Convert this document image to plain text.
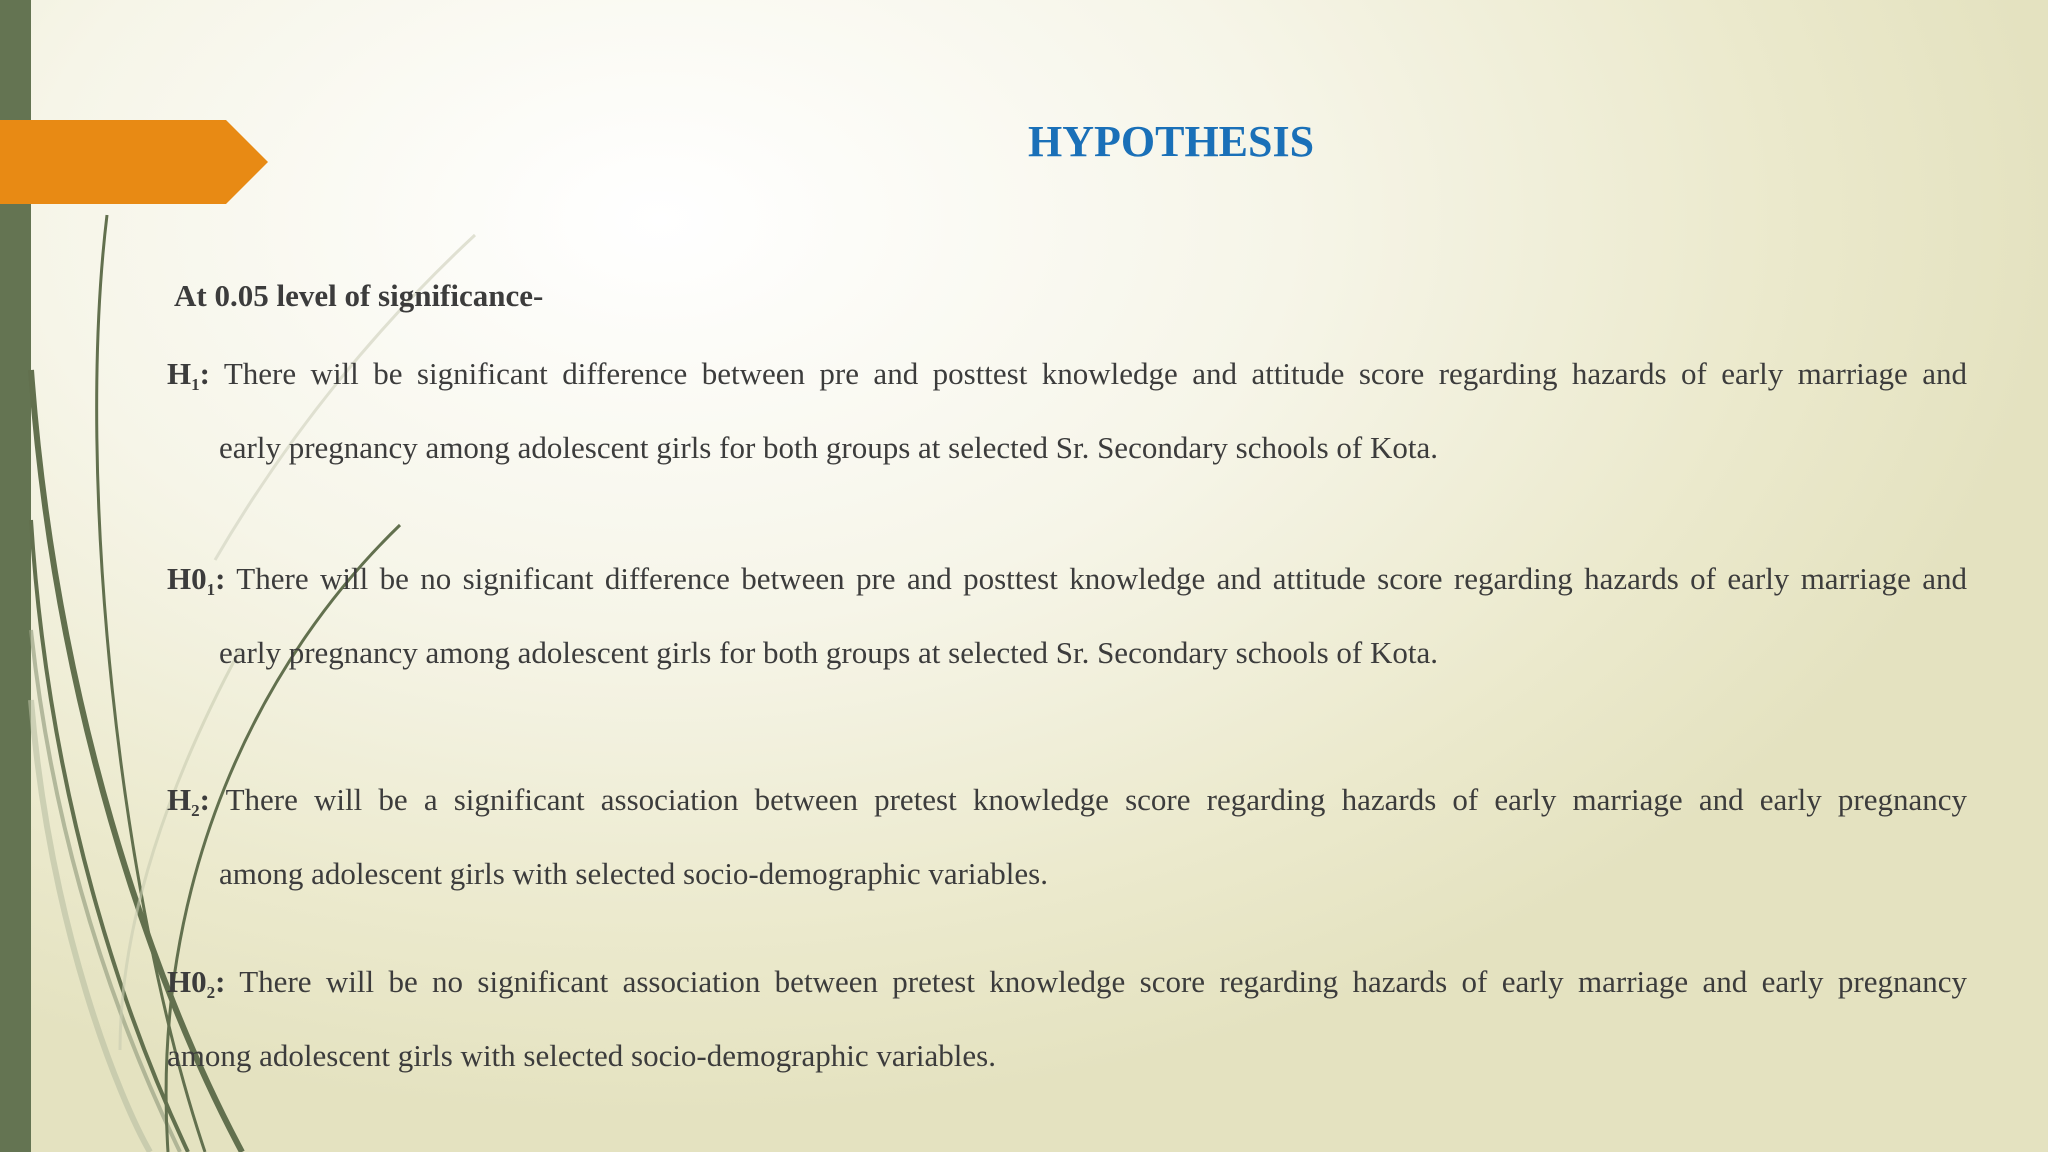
HYPOTHESIS
At 0.05 level of significance-
$H_1$: There will be significant difference between pre and posttest knowledge and attitude score regarding hazards of early marriage and
early pregnancy among adolescent girls for both groups at selected Sr. Secondary schools of Kota.
$H0_1$: There will be no significant difference between pre and posttest knowledge and attitude score regarding hazards of early marriage and
early pregnancy among adolescent girls for both groups at selected Sr. Secondary schools of Kota.
$H_2$: There will be a significant association between pretest knowledge score regarding hazards of early marriage and early pregnancy
among adolescent girls with selected socio-demographic variables.
$H0_2$: There will be no significant association between pretest knowledge score regarding hazards of early marriage and early pregnancy
among adolescent girls with selected socio-demographic variables.
